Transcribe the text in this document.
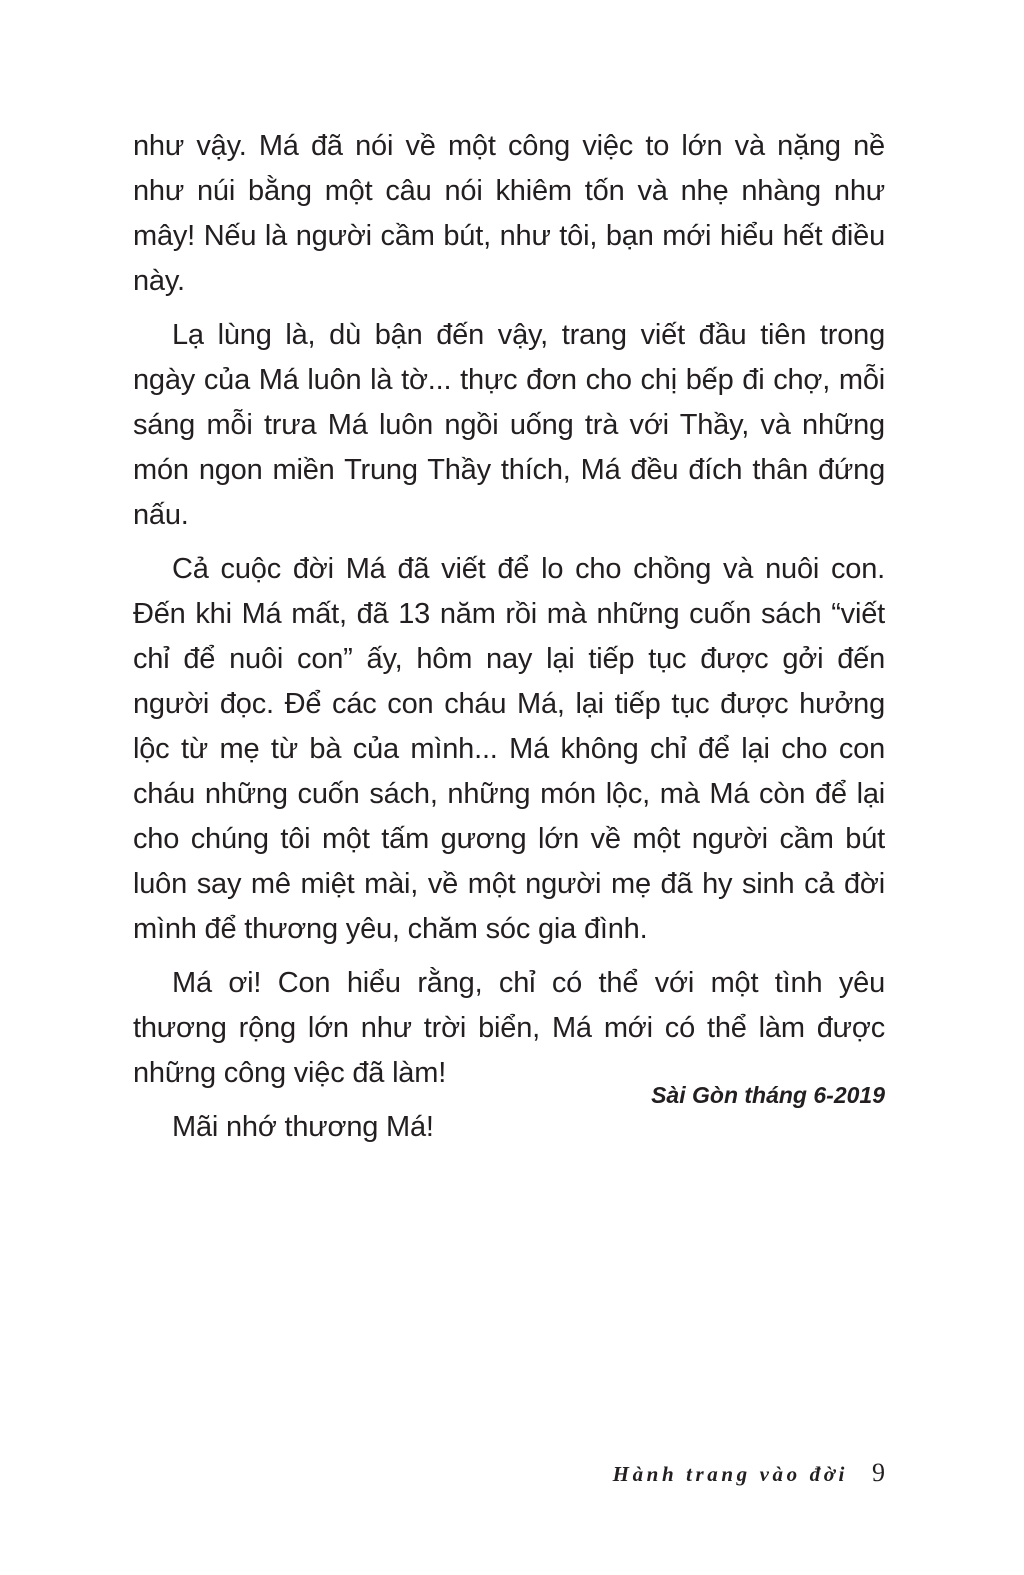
như vậy. Má đã nói về một công việc to lớn và nặng nề như núi bằng một câu nói khiêm tốn và nhẹ nhàng như mây! Nếu là người cầm bút, như tôi, bạn mới hiểu hết điều này.

Lạ lùng là, dù bận đến vậy, trang viết đầu tiên trong ngày của Má luôn là tờ... thực đơn cho chị bếp đi chợ, mỗi sáng mỗi trưa Má luôn ngồi uống trà với Thầy, và những món ngon miền Trung Thầy thích, Má đều đích thân đứng nấu.

Cả cuộc đời Má đã viết để lo cho chồng và nuôi con. Đến khi Má mất, đã 13 năm rồi mà những cuốn sách “viết chỉ để nuôi con” ấy, hôm nay lại tiếp tục được gởi đến người đọc. Để các con cháu Má, lại tiếp tục được hưởng lộc từ mẹ từ bà của mình... Má không chỉ để lại cho con cháu những cuốn sách, những món lộc, mà Má còn để lại cho chúng tôi một tấm gương lớn về một người cầm bút luôn say mê miệt mài, về một người mẹ đã hy sinh cả đời mình để thương yêu, chăm sóc gia đình.

Má ơi! Con hiểu rằng, chỉ có thể với một tình yêu thương rộng lớn như trời biển, Má mới có thể làm được những công việc đã làm!

Mãi nhớ thương Má!

Sài Gòn tháng 6-2019
Hành trang vào đời 9
